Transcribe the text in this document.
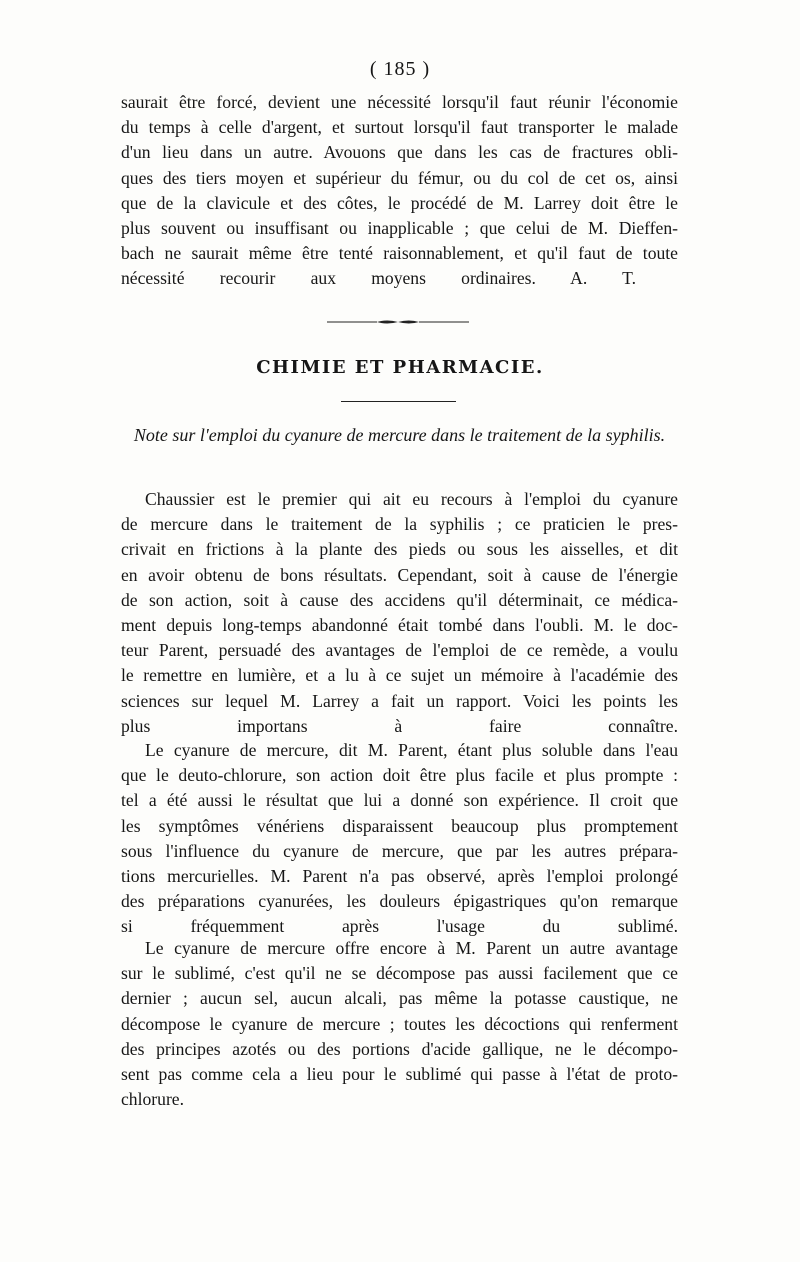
( 185 )
saurait être forcé, devient une nécessité lorsqu'il faut réunir l'économie
du temps à celle d'argent, et surtout lorsqu'il faut transporter le malade
d'un lieu dans un autre. Avouons que dans les cas de fractures obli-
ques des tiers moyen et supérieur du fémur, ou du col de cet os, ainsi
que de la clavicule et des côtes, le procédé de M. Larrey doit être le
plus souvent ou insuffisant ou inapplicable ; que celui de M. Dieffen-
bach ne saurait même être tenté raisonnablement, et qu'il faut de toute
nécessité recourir aux moyens ordinaires. A. T.
CHIMIE ET PHARMACIE.
Note sur l'emploi du cyanure de mercure dans le traitement de la syphilis.
Chaussier est le premier qui ait eu recours à l'emploi du cyanure
de mercure dans le traitement de la syphilis ; ce praticien le pres-
crivait en frictions à la plante des pieds ou sous les aisselles, et dit
en avoir obtenu de bons résultats. Cependant, soit à cause de l'énergie
de son action, soit à cause des accidens qu'il déterminait, ce médica-
ment depuis long-temps abandonné était tombé dans l'oubli. M. le doc-
teur Parent, persuadé des avantages de l'emploi de ce remède, a voulu
le remettre en lumière, et a lu à ce sujet un mémoire à l'académie des
sciences sur lequel M. Larrey a fait un rapport. Voici les points les
plus importans à faire connaître.
Le cyanure de mercure, dit M. Parent, étant plus soluble dans l'eau
que le deuto-chlorure, son action doit être plus facile et plus prompte :
tel a été aussi le résultat que lui a donné son expérience. Il croit que
les symptômes vénériens disparaissent beaucoup plus promptement
sous l'influence du cyanure de mercure, que par les autres prépara-
tions mercurielles. M. Parent n'a pas observé, après l'emploi prolongé
des préparations cyanurées, les douleurs épigastriques qu'on remarque
si fréquemment après l'usage du sublimé.
Le cyanure de mercure offre encore à M. Parent un autre avantage
sur le sublimé, c'est qu'il ne se décompose pas aussi facilement que ce
dernier ; aucun sel, aucun alcali, pas même la potasse caustique, ne
décompose le cyanure de mercure ; toutes les décoctions qui renferment
des principes azotés ou des portions d'acide gallique, ne le décompo-
sent pas comme cela a lieu pour le sublimé qui passe à l'état de proto-
chlorure.
